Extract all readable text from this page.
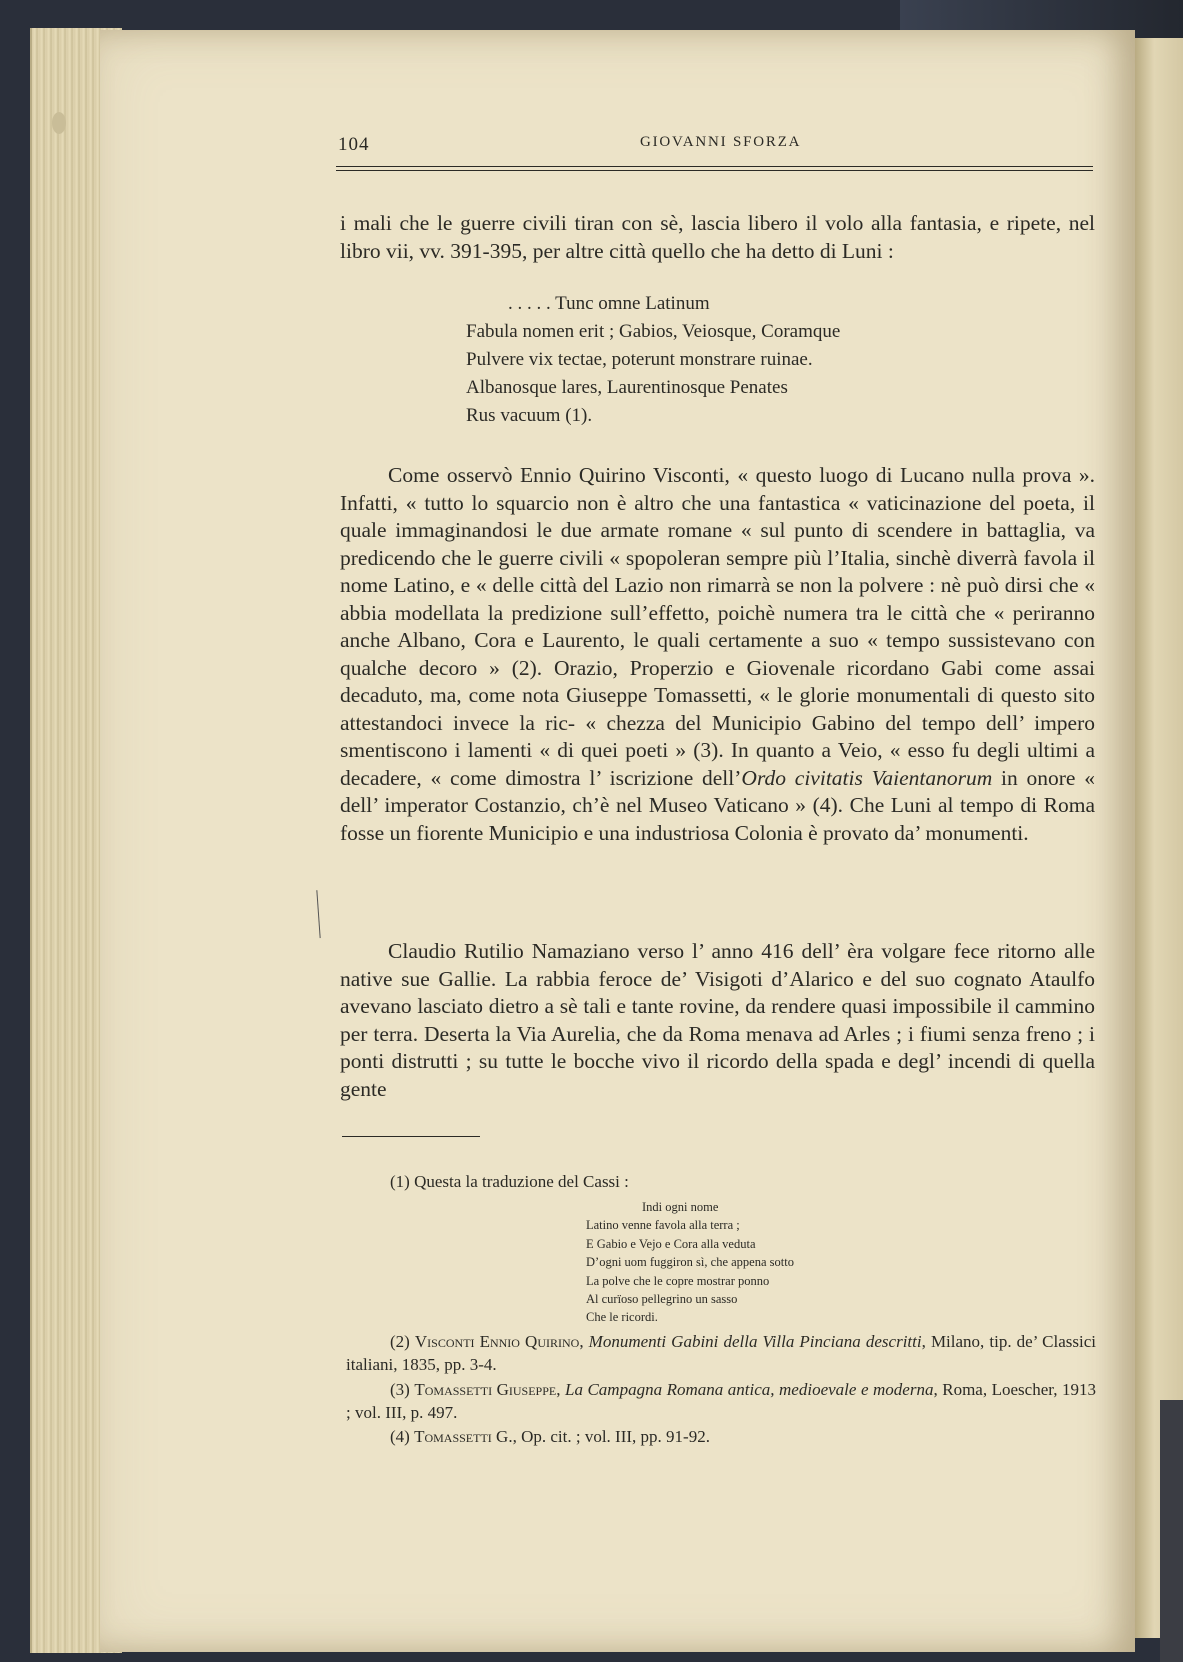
104	GIOVANNI SFORZA
i mali che le guerre civili tiran con sè, lascia libero il volo alla fantasia, e ripete, nel libro vii, vv. 391-395, per altre città quello che ha detto di Luni :
. . . . . Tunc omne Latinum
Fabula nomen erit ; Gabios, Veiosque, Coramque
Pulvere vix tectae, poterunt monstrare ruinae.
Albanosque lares, Laurentinosque Penates
Rus vacuum (1).
Come osservò Ennio Quirino Visconti, « questo luogo di Lucano nulla prova ». Infatti, « tutto lo squarcio non è altro che una fantastica « vaticinazione del poeta, il quale immaginandosi le due armate romane « sul punto di scendere in battaglia, va predicendo che le guerre civili « spopoleran sempre più l’Italia, sinchè diverrà favola il nome Latino, e « delle città del Lazio non rimarrà se non la polvere : nè può dirsi che « abbia modellata la predizione sull’effetto, poichè numera tra le città che « periranno anche Albano, Cora e Laurento, le quali certamente a suo « tempo sussistevano con qualche decoro » (2). Orazio, Properzio e Giovenale ricordano Gabi come assai decaduto, ma, come nota Giuseppe Tomassetti, « le glorie monumentali di questo sito attestandoci invece la ric- « chezza del Municipio Gabino del tempo dell’ impero smentiscono i lamenti « di quei poeti » (3). In quanto a Veio, « esso fu degli ultimi a decadere, « come dimostra l’ iscrizione dell’Ordo civitatis Vaientanorum in onore « dell’ imperator Costanzio, ch’è nel Museo Vaticano » (4). Che Luni al tempo di Roma fosse un fiorente Municipio e una industriosa Colonia è provato da’ monumenti.
Claudio Rutilio Namaziano verso l’ anno 416 dell’ èra volgare fece ritorno alle native sue Gallie. La rabbia feroce de’ Visigoti d’Alarico e del suo cognato Ataulfo avevano lasciato dietro a sè tali e tante rovine, da rendere quasi impossibile il cammino per terra. Deserta la Via Aurelia, che da Roma menava ad Arles ; i fiumi senza freno ; i ponti distrutti ; su tutte le bocche vivo il ricordo della spada e degl’ incendi di quella gente
(1) Questa la traduzione del Cassi :
Indi ogni nome
Latino venne favola alla terra ;
E Gabio e Vejo e Cora alla veduta
D’ogni uom fuggiron sì, che appena sotto
La polve che le copre mostrar ponno
Al curïoso pellegrino un sasso
Che le ricordi.
(2) Visconti Ennio Quirino, Monumenti Gabini della Villa Pinciana descritti, Milano, tip. de’ Classici italiani, 1835, pp. 3-4.
(3) Tomassetti Giuseppe, La Campagna Romana antica, medioevale e moderna, Roma, Loescher, 1913 ; vol. III, p. 497.
(4) Tomassetti G., Op. cit. ; vol. III, pp. 91-92.
